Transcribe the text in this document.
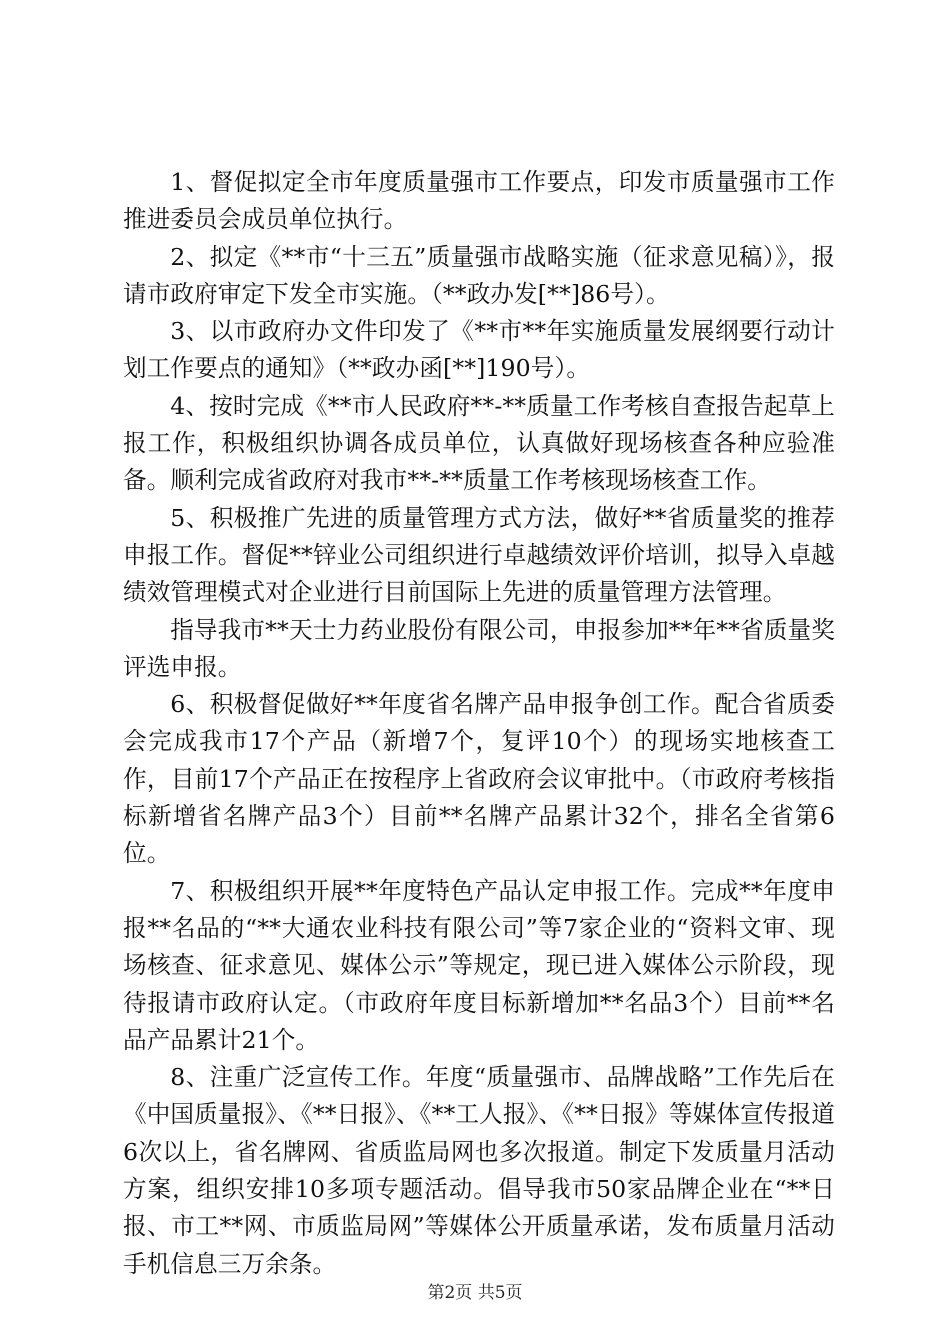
1、督促拟定全市年度质量强市工作要点，印发市质量强市工作推进委员会成员单位执行。

2、拟定《**市“十三五”质量强市战略实施（征求意见稿）》，报请市政府审定下发全市实施。（**政办发[**]86号）。

3、以市政府办文件印发了《**市**年实施质量发展纲要行动计划工作要点的通知》（**政办函[**]190号）。

4、按时完成《**市人民政府**-**质量工作考核自查报告起草上报工作，积极组织协调各成员单位，认真做好现场核查各种应验准备。顺利完成省政府对我市**-**质量工作考核现场核查工作。

5、积极推广先进的质量管理方式方法，做好**省质量奖的推荐申报工作。督促**锌业公司组织进行卓越绩效评价培训，拟导入卓越绩效管理模式对企业进行目前国际上先进的质量管理方法管理。

指导我市**天士力药业股份有限公司，申报参加**年**省质量奖评选申报。

6、积极督促做好**年度省名牌产品申报争创工作。配合省质委会完成我市17个产品（新增7个，复评10个）的现场实地核查工作，目前17个产品正在按程序上省政府会议审批中。（市政府考核指标新增省名牌产品3个）目前**名牌产品累计32个，排名全省第6位。

7、积极组织开展**年度特色产品认定申报工作。完成**年度申报**名品的“**大通农业科技有限公司”等7家企业的“资料文审、现场核查、征求意见、媒体公示”等规定，现已进入媒体公示阶段，现待报请市政府认定。（市政府年度目标新增加**名品3个）目前**名品产品累计21个。

8、注重广泛宣传工作。年度“质量强市、品牌战略”工作先后在《中国质量报》、《**日报》、《**工人报》、《**日报》等媒体宣传报道6次以上，省名牌网、省质监局网也多次报道。制定下发质量月活动方案，组织安排10多项专题活动。倡导我市50家品牌企业在“**日报、市工**网、市质监局网”等媒体公开质量承诺，发布质量月活动手机信息三万余条。

第2页 共5页
